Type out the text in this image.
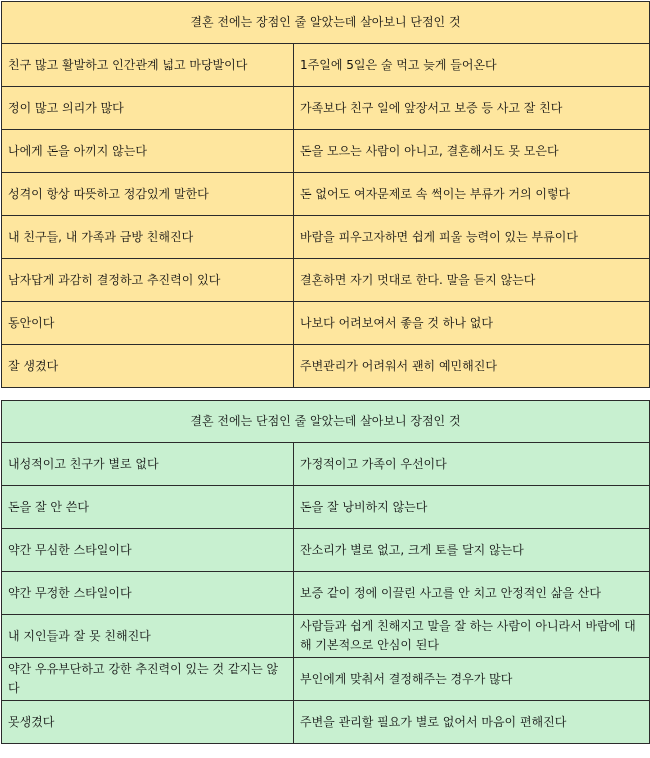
결혼 전에는 장점인 줄 알았는데 살아보니 단점인 것	
친구 많고 활발하고 인간관계 넓고 마당발이다	1주일에 5일은 술 먹고 늦게 들어온다
정이 많고 의리가 많다	가족보다 친구 일에 앞장서고 보증 등 사고 잘 친다
나에게 돈을 아끼지 않는다	돈을 모으는 사람이 아니고, 결혼해서도 못 모은다
성격이 항상 따뜻하고 정감있게 말한다	돈 없어도 여자문제로 속 썩이는 부류가 거의 이렇다
내 친구들, 내 가족과 금방 친해진다	바람을 피우고자하면 쉽게 피울 능력이 있는 부류이다
남자답게 과감히 결정하고 추진력이 있다	결혼하면 자기 멋대로 한다. 말을 듣지 않는다
동안이다	나보다 어려보여서 좋을 것 하나 없다
잘 생겼다	주변관리가 어려워서 괜히 예민해진다
결혼 전에는 단점인 줄 알았는데 살아보니 장점인 것	
내성적이고 친구가 별로 없다	가정적이고 가족이 우선이다
돈을 잘 안 쓴다	돈을 잘 낭비하지 않는다
약간 무심한 스타일이다	잔소리가 별로 없고, 크게 토를 달지 않는다
약간 무정한 스타일이다	보증 같이 정에 이끌린 사고를 안 치고 안정적인 삶을 산다
내 지인들과 잘 못 친해진다	사람들과 쉽게 친해지고 말을 잘 하는 사람이 아니라서 바람에 대해 기본적으로 안심이 된다
약간 우유부단하고 강한 추진력이 있는 것 같지는 않다	부인에게 맞춰서 결정해주는 경우가 많다
못생겼다	주변을 관리할 필요가 별로 없어서 마음이 편해진다
